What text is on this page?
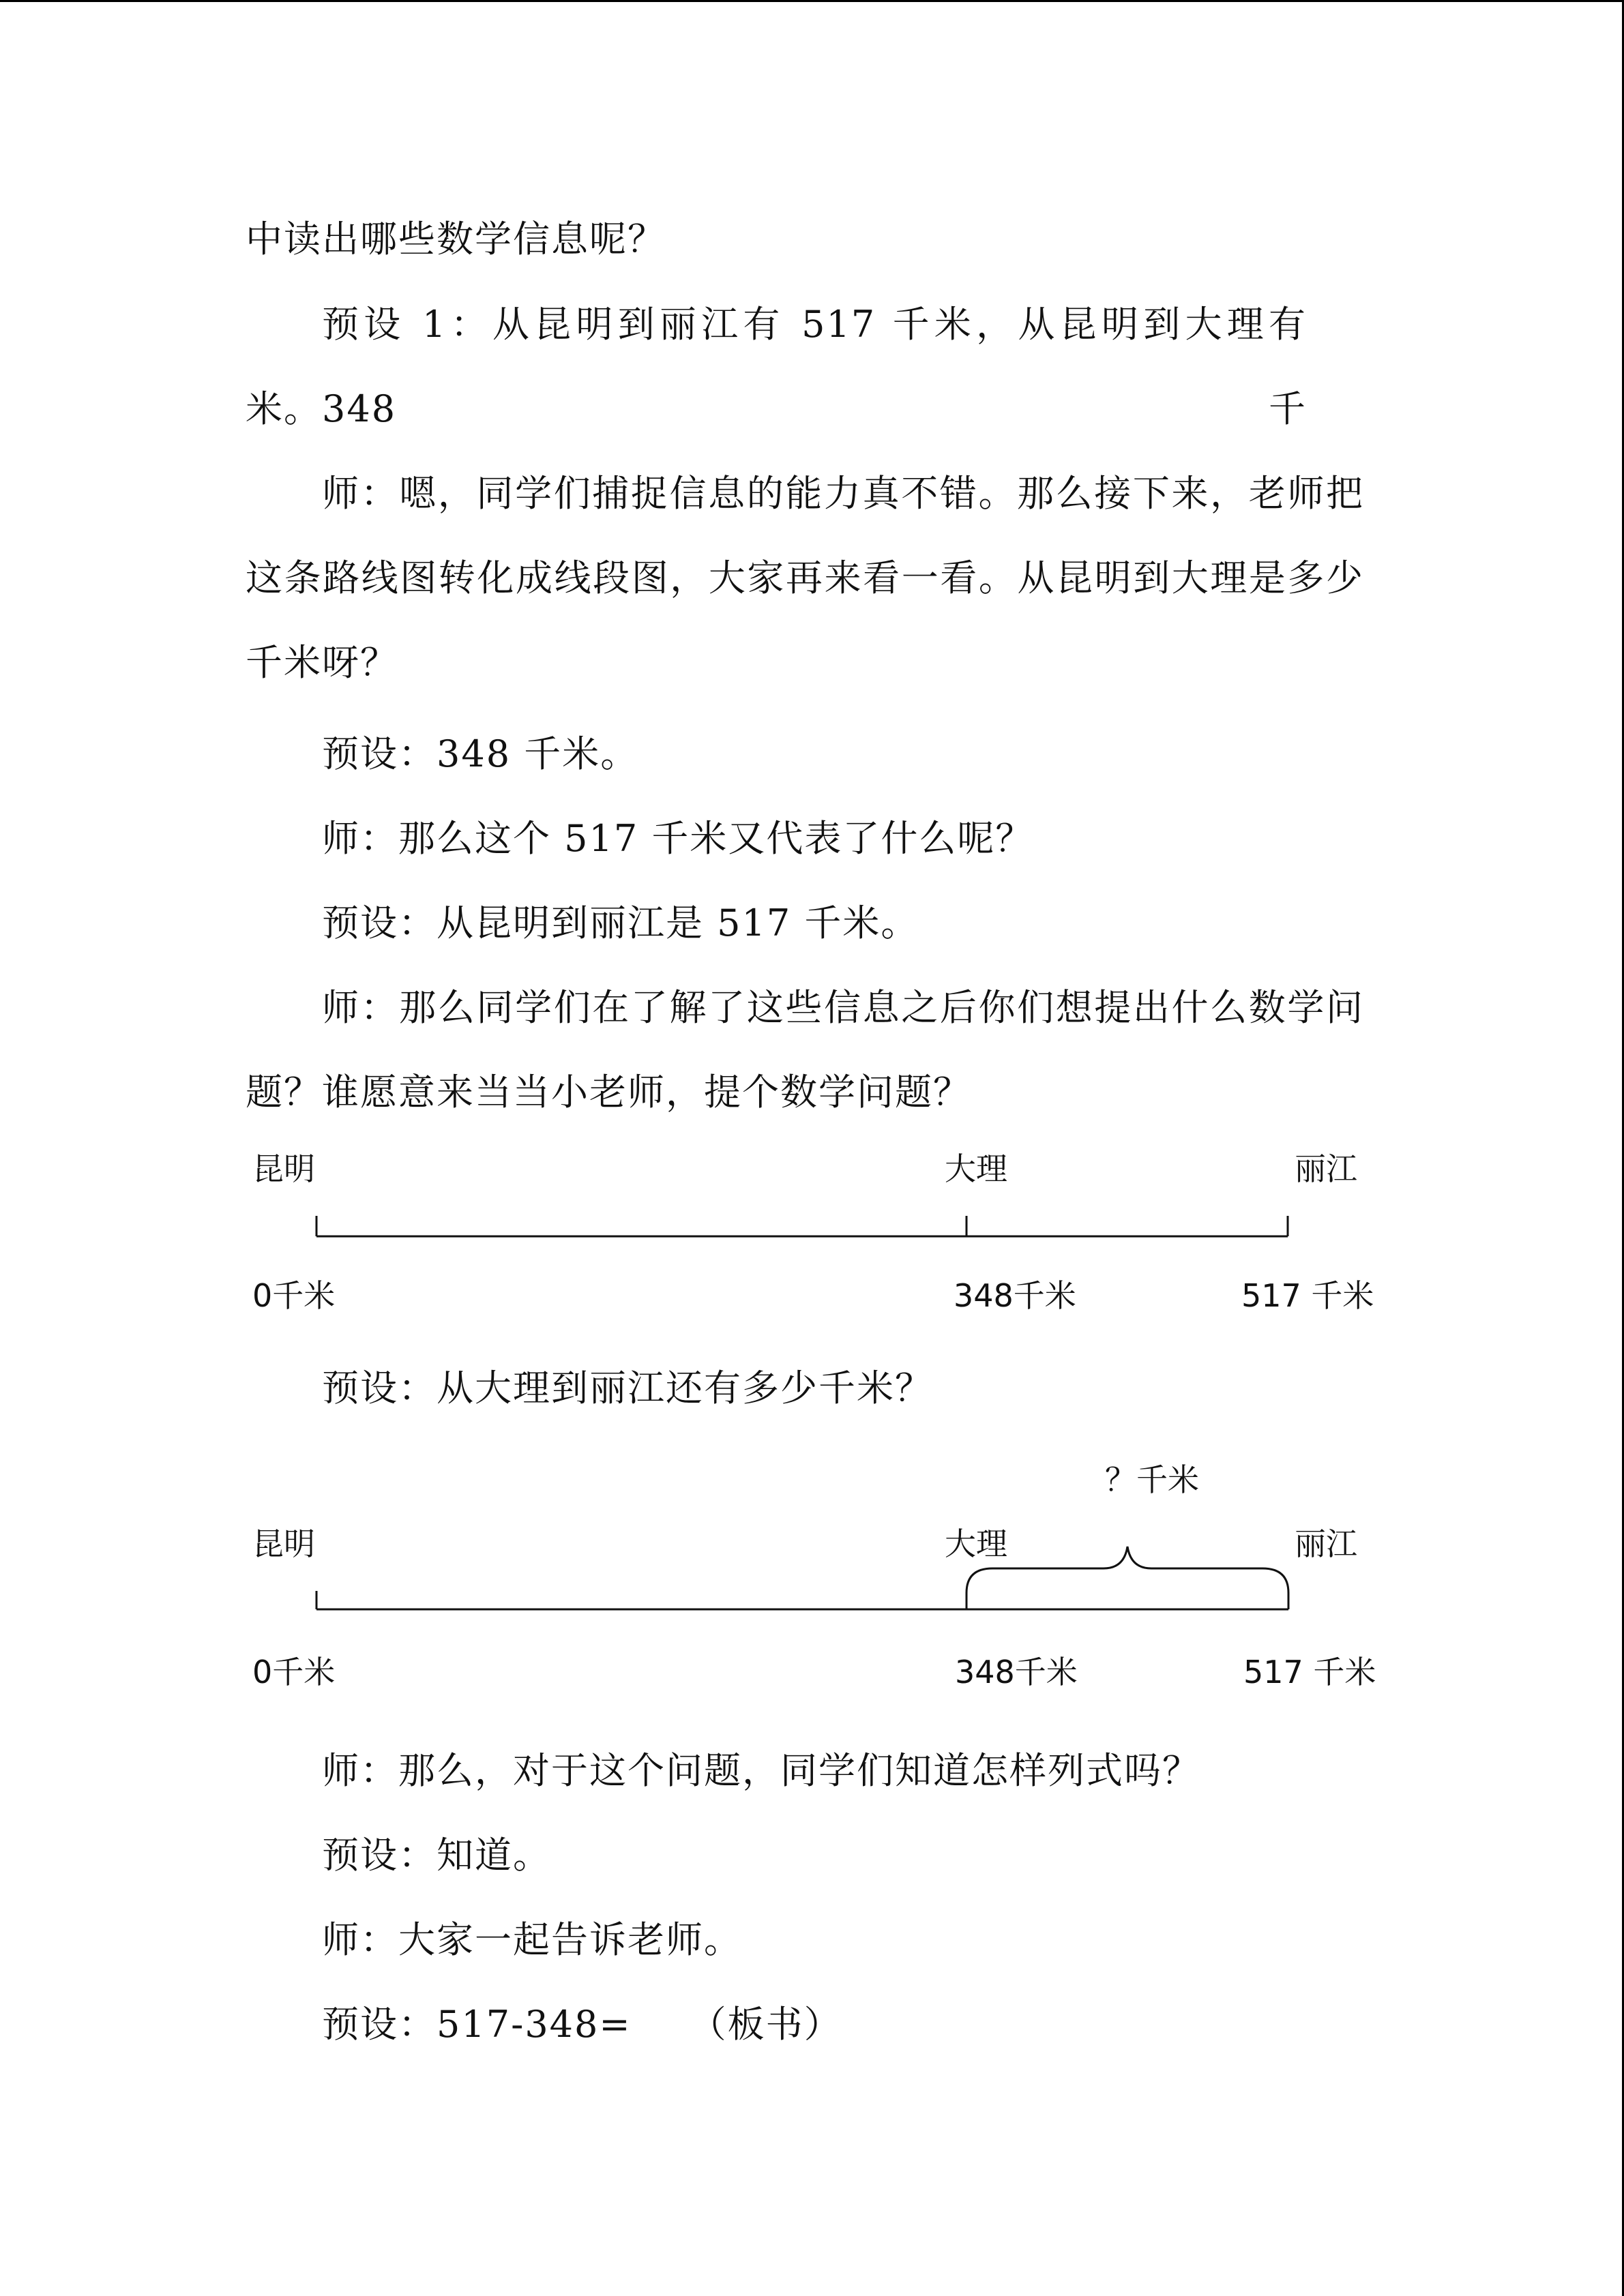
中读出哪些数学信息呢？

预设 1：从昆明到丽江有 517 千米，从昆明到大理有 348 千

米。

师：嗯，同学们捕捉信息的能力真不错。那么接下来，老师把

这条路线图转化成线段图，大家再来看一看。从昆明到大理是多少

千米呀？

预设：348 千米。

师：那么这个 517 千米又代表了什么呢？

预设：从昆明到丽江是 517 千米。

师：那么同学们在了解了这些信息之后你们想提出什么数学问

题？谁愿意来当当小老师，提个数学问题？

昆明	大理	丽江
0千米	348千米	517 千米

预设：从大理到丽江还有多少千米？

？千米
昆明	大理	丽江
0千米	348千米	517 千米

师：那么，对于这个问题，同学们知道怎样列式吗？

预设：知道。

师：大家一起告诉老师。

预设：517-348=　　（板书）
